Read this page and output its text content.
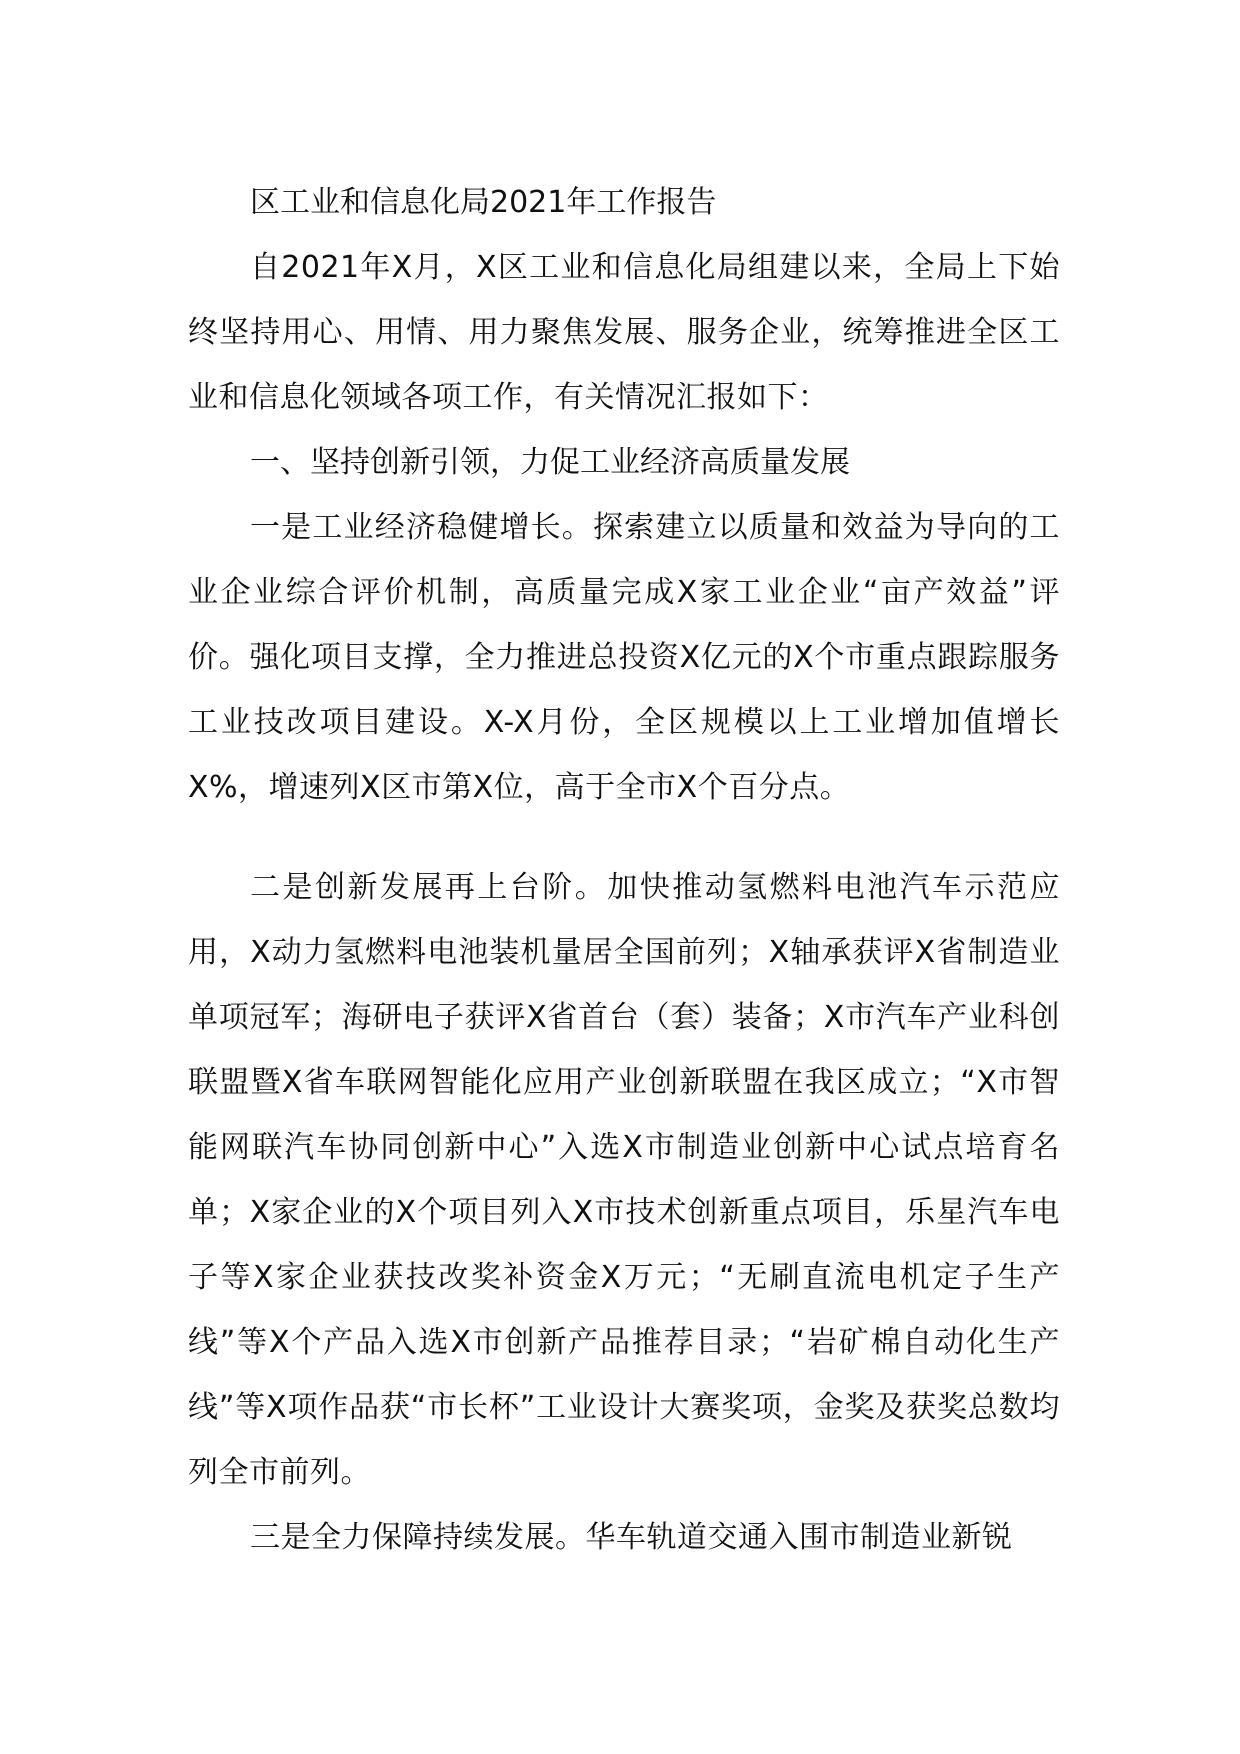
区工业和信息化局2021年工作报告

自2021年X月，X区工业和信息化局组建以来，全局上下始终坚持用心、用情、用力聚焦发展、服务企业，统筹推进全区工业和信息化领域各项工作，有关情况汇报如下：

一、坚持创新引领，力促工业经济高质量发展

一是工业经济稳健增长。探索建立以质量和效益为导向的工业企业综合评价机制，高质量完成X家工业企业“亩产效益”评价。强化项目支撑，全力推进总投资X亿元的X个市重点跟踪服务工业技改项目建设。X-X月份，全区规模以上工业增加值增长X%，增速列X区市第X位，高于全市X个百分点。

二是创新发展再上台阶。加快推动氢燃料电池汽车示范应用，X动力氢燃料电池装机量居全国前列；X轴承获评X省制造业单项冠军；海研电子获评X省首台（套）装备；X市汽车产业科创联盟暨X省车联网智能化应用产业创新联盟在我区成立；“X市智能网联汽车协同创新中心”入选X市制造业创新中心试点培育名单；X家企业的X个项目列入X市技术创新重点项目，乐星汽车电子等X家企业获技改奖补资金X万元；“无刷直流电机定子生产线”等X个产品入选X市创新产品推荐目录；“岩矿棉自动化生产线”等X项作品获“市长杯”工业设计大赛奖项，金奖及获奖总数均列全市前列。

三是全力保障持续发展。华车轨道交通入围市制造业新锐
